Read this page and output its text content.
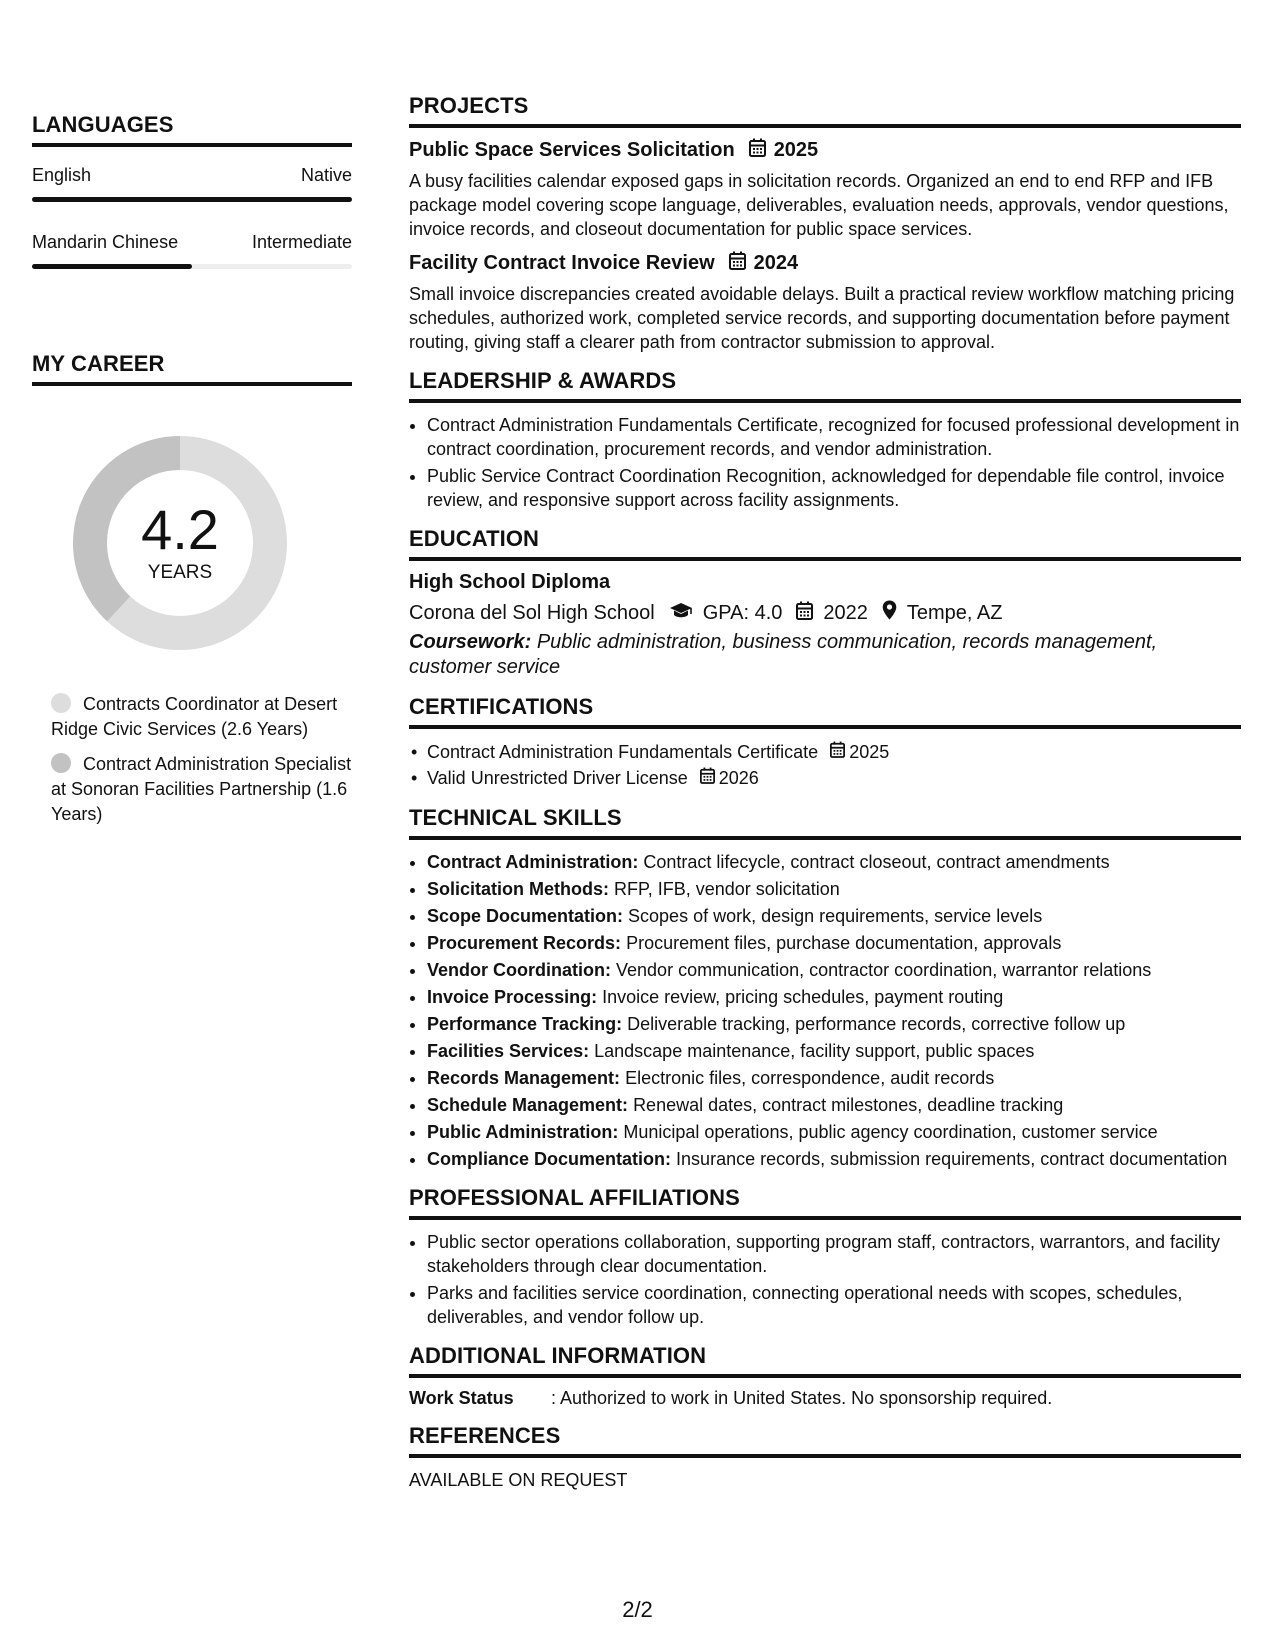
LANGUAGES
English	Native
Mandarin Chinese	Intermediate
MY CAREER
4.2
YEARS
Contracts Coordinator at Desert Ridge Civic Services (2.6 Years)
Contract Administration Specialist at Sonoran Facilities Partnership (1.6 Years)
PROJECTS
Public Space Services Solicitation 2025
A busy facilities calendar exposed gaps in solicitation records. Organized an end to end RFP and IFB package model covering scope language, deliverables, evaluation needs, approvals, vendor questions, invoice records, and closeout documentation for public space services.
Facility Contract Invoice Review 2024
Small invoice discrepancies created avoidable delays. Built a practical review workflow matching pricing schedules, authorized work, completed service records, and supporting documentation before payment routing, giving staff a clearer path from contractor submission to approval.
LEADERSHIP & AWARDS
• Contract Administration Fundamentals Certificate, recognized for focused professional development in contract coordination, procurement records, and vendor administration.
• Public Service Contract Coordination Recognition, acknowledged for dependable file control, invoice review, and responsive support across facility assignments.
EDUCATION
High School Diploma
Corona del Sol High School GPA: 4.0 2022 Tempe, AZ
Coursework: Public administration, business communication, records management, customer service
CERTIFICATIONS
• Contract Administration Fundamentals Certificate 2025
• Valid Unrestricted Driver License 2026
TECHNICAL SKILLS
• Contract Administration: Contract lifecycle, contract closeout, contract amendments
• Solicitation Methods: RFP, IFB, vendor solicitation
• Scope Documentation: Scopes of work, design requirements, service levels
• Procurement Records: Procurement files, purchase documentation, approvals
• Vendor Coordination: Vendor communication, contractor coordination, warrantor relations
• Invoice Processing: Invoice review, pricing schedules, payment routing
• Performance Tracking: Deliverable tracking, performance records, corrective follow up
• Facilities Services: Landscape maintenance, facility support, public spaces
• Records Management: Electronic files, correspondence, audit records
• Schedule Management: Renewal dates, contract milestones, deadline tracking
• Public Administration: Municipal operations, public agency coordination, customer service
• Compliance Documentation: Insurance records, submission requirements, contract documentation
PROFESSIONAL AFFILIATIONS
• Public sector operations collaboration, supporting program staff, contractors, warrantors, and facility stakeholders through clear documentation.
• Parks and facilities service coordination, connecting operational needs with scopes, schedules, deliverables, and vendor follow up.
ADDITIONAL INFORMATION
Work Status	: Authorized to work in United States. No sponsorship required.
REFERENCES
AVAILABLE ON REQUEST
2/2
